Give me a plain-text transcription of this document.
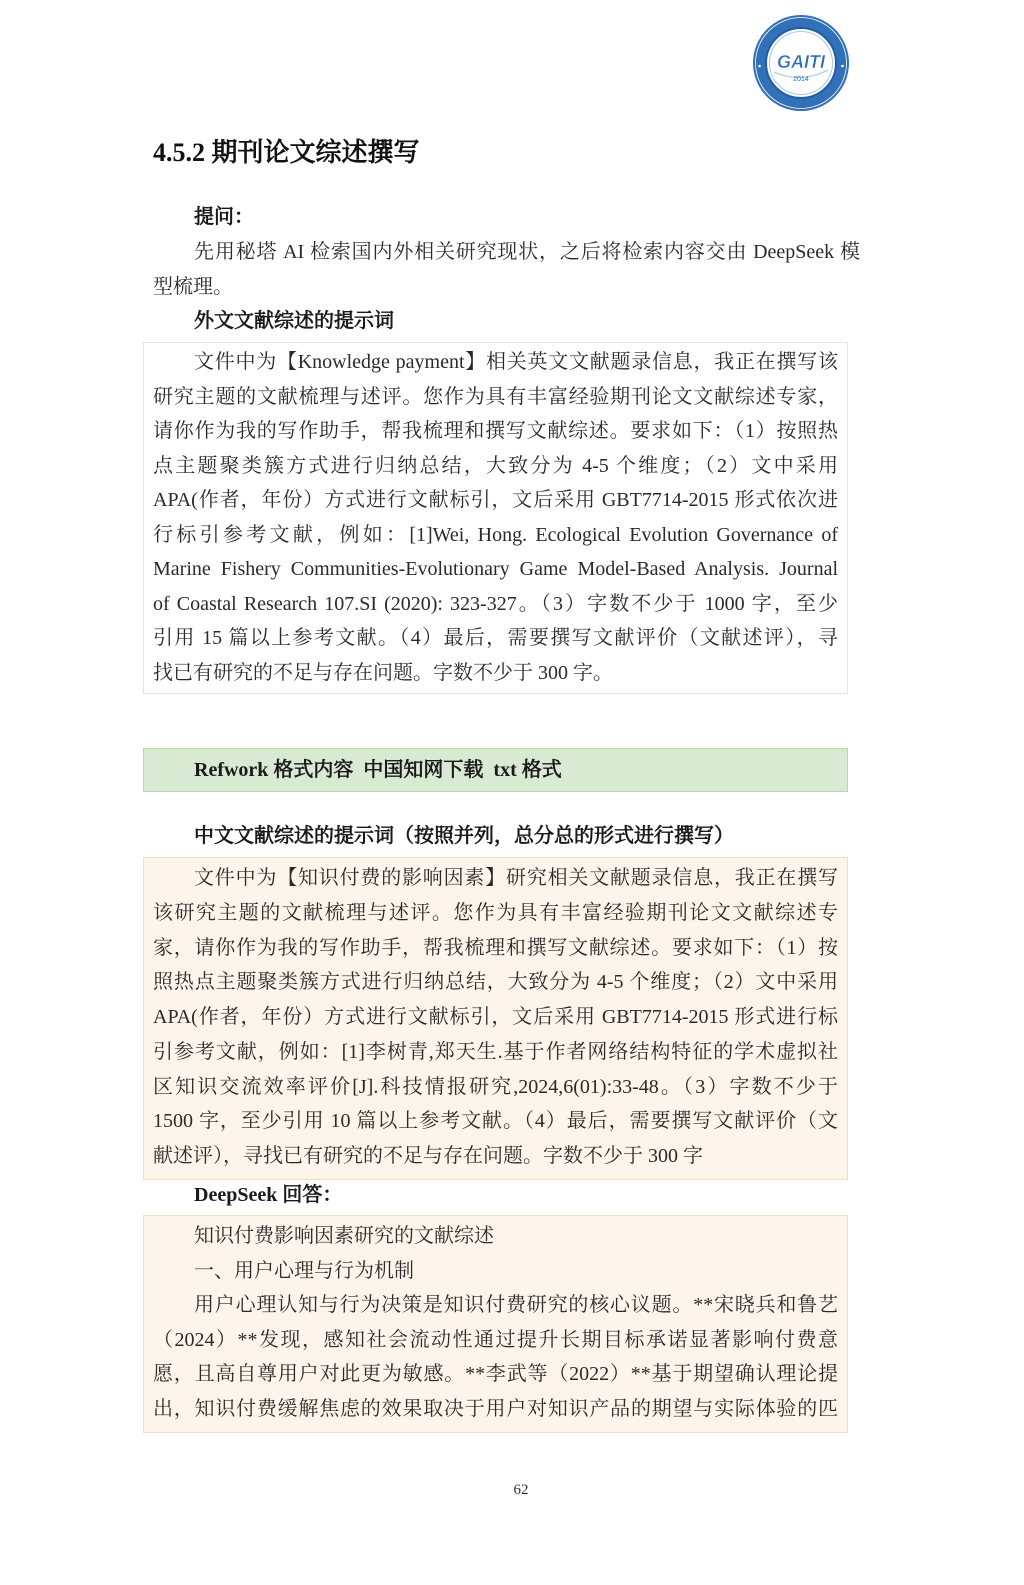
GAITI
2014
4.5.2 期刊论文综述撰写
提问：
先用秘塔 AI 检索国内外相关研究现状，之后将检索内容交由 DeepSeek 模
型梳理。
外文文献综述的提示词
文件中为【Knowledge payment】相关英文文献题录信息，我正在撰写该
研究主题的文献梳理与述评。您作为具有丰富经验期刊论文文献综述专家，
请你作为我的写作助手，帮我梳理和撰写文献综述。要求如下：（1）按照热
点主题聚类簇方式进行归纳总结，大致分为 4-5 个维度；（2）文中采用
APA(作者，年份）方式进行文献标引，文后采用 GBT7714-2015 形式依次进
行标引参考文献，例如：[1]Wei, Hong. Ecological Evolution Governance of
Marine Fishery Communities-Evolutionary Game Model-Based Analysis. Journal
of Coastal Research 107.SI (2020): 323-327。（3）字数不少于 1000 字，至少
引用 15 篇以上参考文献。（4）最后，需要撰写文献评价（文献述评），寻
找已有研究的不足与存在问题。字数不少于 300 字。
Refwork 格式内容  中国知网下载  txt 格式
中文文献综述的提示词（按照并列，总分总的形式进行撰写）
文件中为【知识付费的影响因素】研究相关文献题录信息，我正在撰写
该研究主题的文献梳理与述评。您作为具有丰富经验期刊论文文献综述专
家，请你作为我的写作助手，帮我梳理和撰写文献综述。要求如下：（1）按
照热点主题聚类簇方式进行归纳总结，大致分为 4-5 个维度；（2）文中采用
APA(作者，年份）方式进行文献标引，文后采用 GBT7714-2015 形式进行标
引参考文献，例如：[1]李树青,郑天生.基于作者网络结构特征的学术虚拟社
区知识交流效率评价[J].科技情报研究,2024,6(01):33-48。（3）字数不少于
1500 字，至少引用 10 篇以上参考文献。（4）最后，需要撰写文献评价（文
献述评），寻找已有研究的不足与存在问题。字数不少于 300 字
DeepSeek 回答：
知识付费影响因素研究的文献综述
一、用户心理与行为机制
用户心理认知与行为决策是知识付费研究的核心议题。**宋晓兵和鲁艺
（2024）**发现，感知社会流动性通过提升长期目标承诺显著影响付费意
愿，且高自尊用户对此更为敏感。**李武等（2022）**基于期望确认理论提
出，知识付费缓解焦虑的效果取决于用户对知识产品的期望与实际体验的匹
62
